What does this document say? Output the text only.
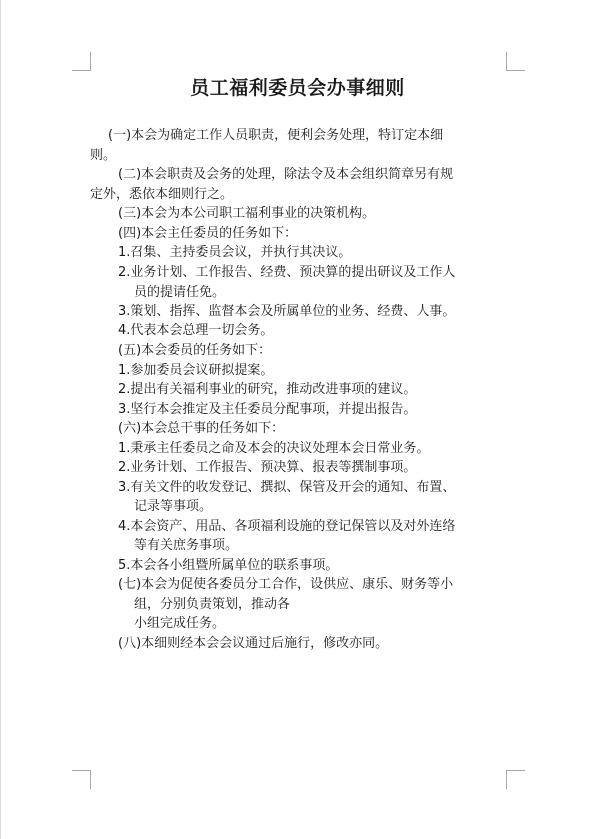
员工福利委员会办事细则
(一)本会为确定工作人员职责，便利会务处理，特订定本细
则。
(二)本会职责及会务的处理，除法令及本会组织简章另有规
定外，悉依本细则行之。
(三)本会为本公司职工福利事业的决策机构。
(四)本会主任委员的任务如下：
1.召集、主持委员会议，并执行其决议。
2.业务计划、工作报告、经费、预决算的提出研议及工作人
员的提请任免。
3.策划、指挥、监督本会及所属单位的业务、经费、人事。
4.代表本会总理一切会务。
(五)本会委员的任务如下：
1.参加委员会议研拟提案。
2.提出有关福利事业的研究，推动改进事项的建议。
3.坚行本会推定及主任委员分配事项，并提出报告。
(六)本会总干事的任务如下：
1.秉承主任委员之命及本会的决议处理本会日常业务。
2.业务计划、工作报告、预决算、报表等撰制事项。
3.有关文件的收发登记、撰拟、保管及开会的通知、布置、
记录等事项。
4.本会资产、用品、各项福利设施的登记保管以及对外连络
等有关庶务事项。
5.本会各小组暨所属单位的联系事项。
(七)本会为促使各委员分工合作，设供应、康乐、财务等小
组，分别负责策划，推动各
小组完成任务。
(八)本细则经本会会议通过后施行，修改亦同。
